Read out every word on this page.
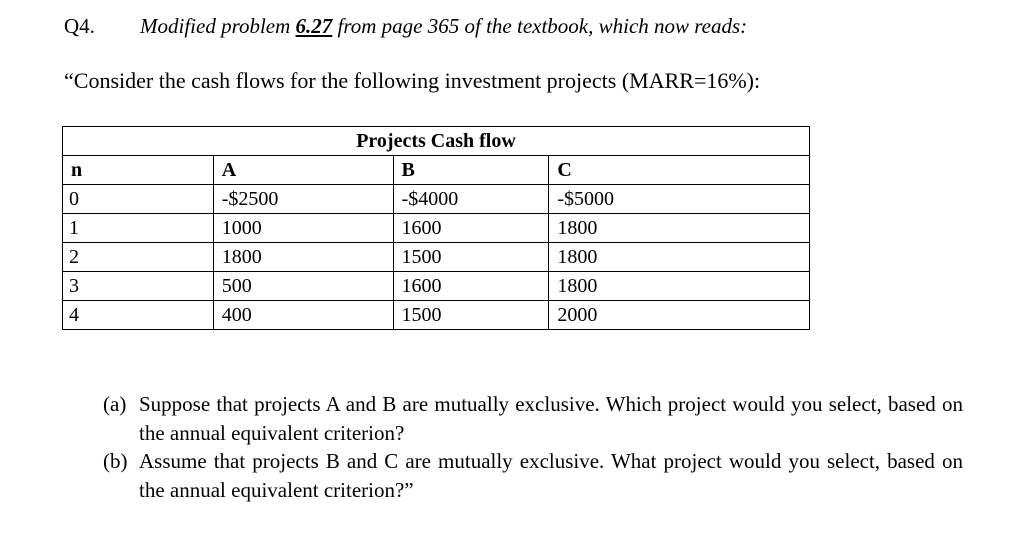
Q4. Modified problem 6.27 from page 365 of the textbook, which now reads:
“Consider the cash flows for the following investment projects (MARR=16%):
Projects Cash flow			
n	A	B	C
0	-$2500	-$4000	-$5000
1	1000	1600	1800
2	1800	1500	1800
3	500	1600	1800
4	400	1500	2000
(a) Suppose that projects A and B are mutually exclusive. Which project would you select, based on the annual equivalent criterion?
(b) Assume that projects B and C are mutually exclusive. What project would you select, based on the annual equivalent criterion?”
